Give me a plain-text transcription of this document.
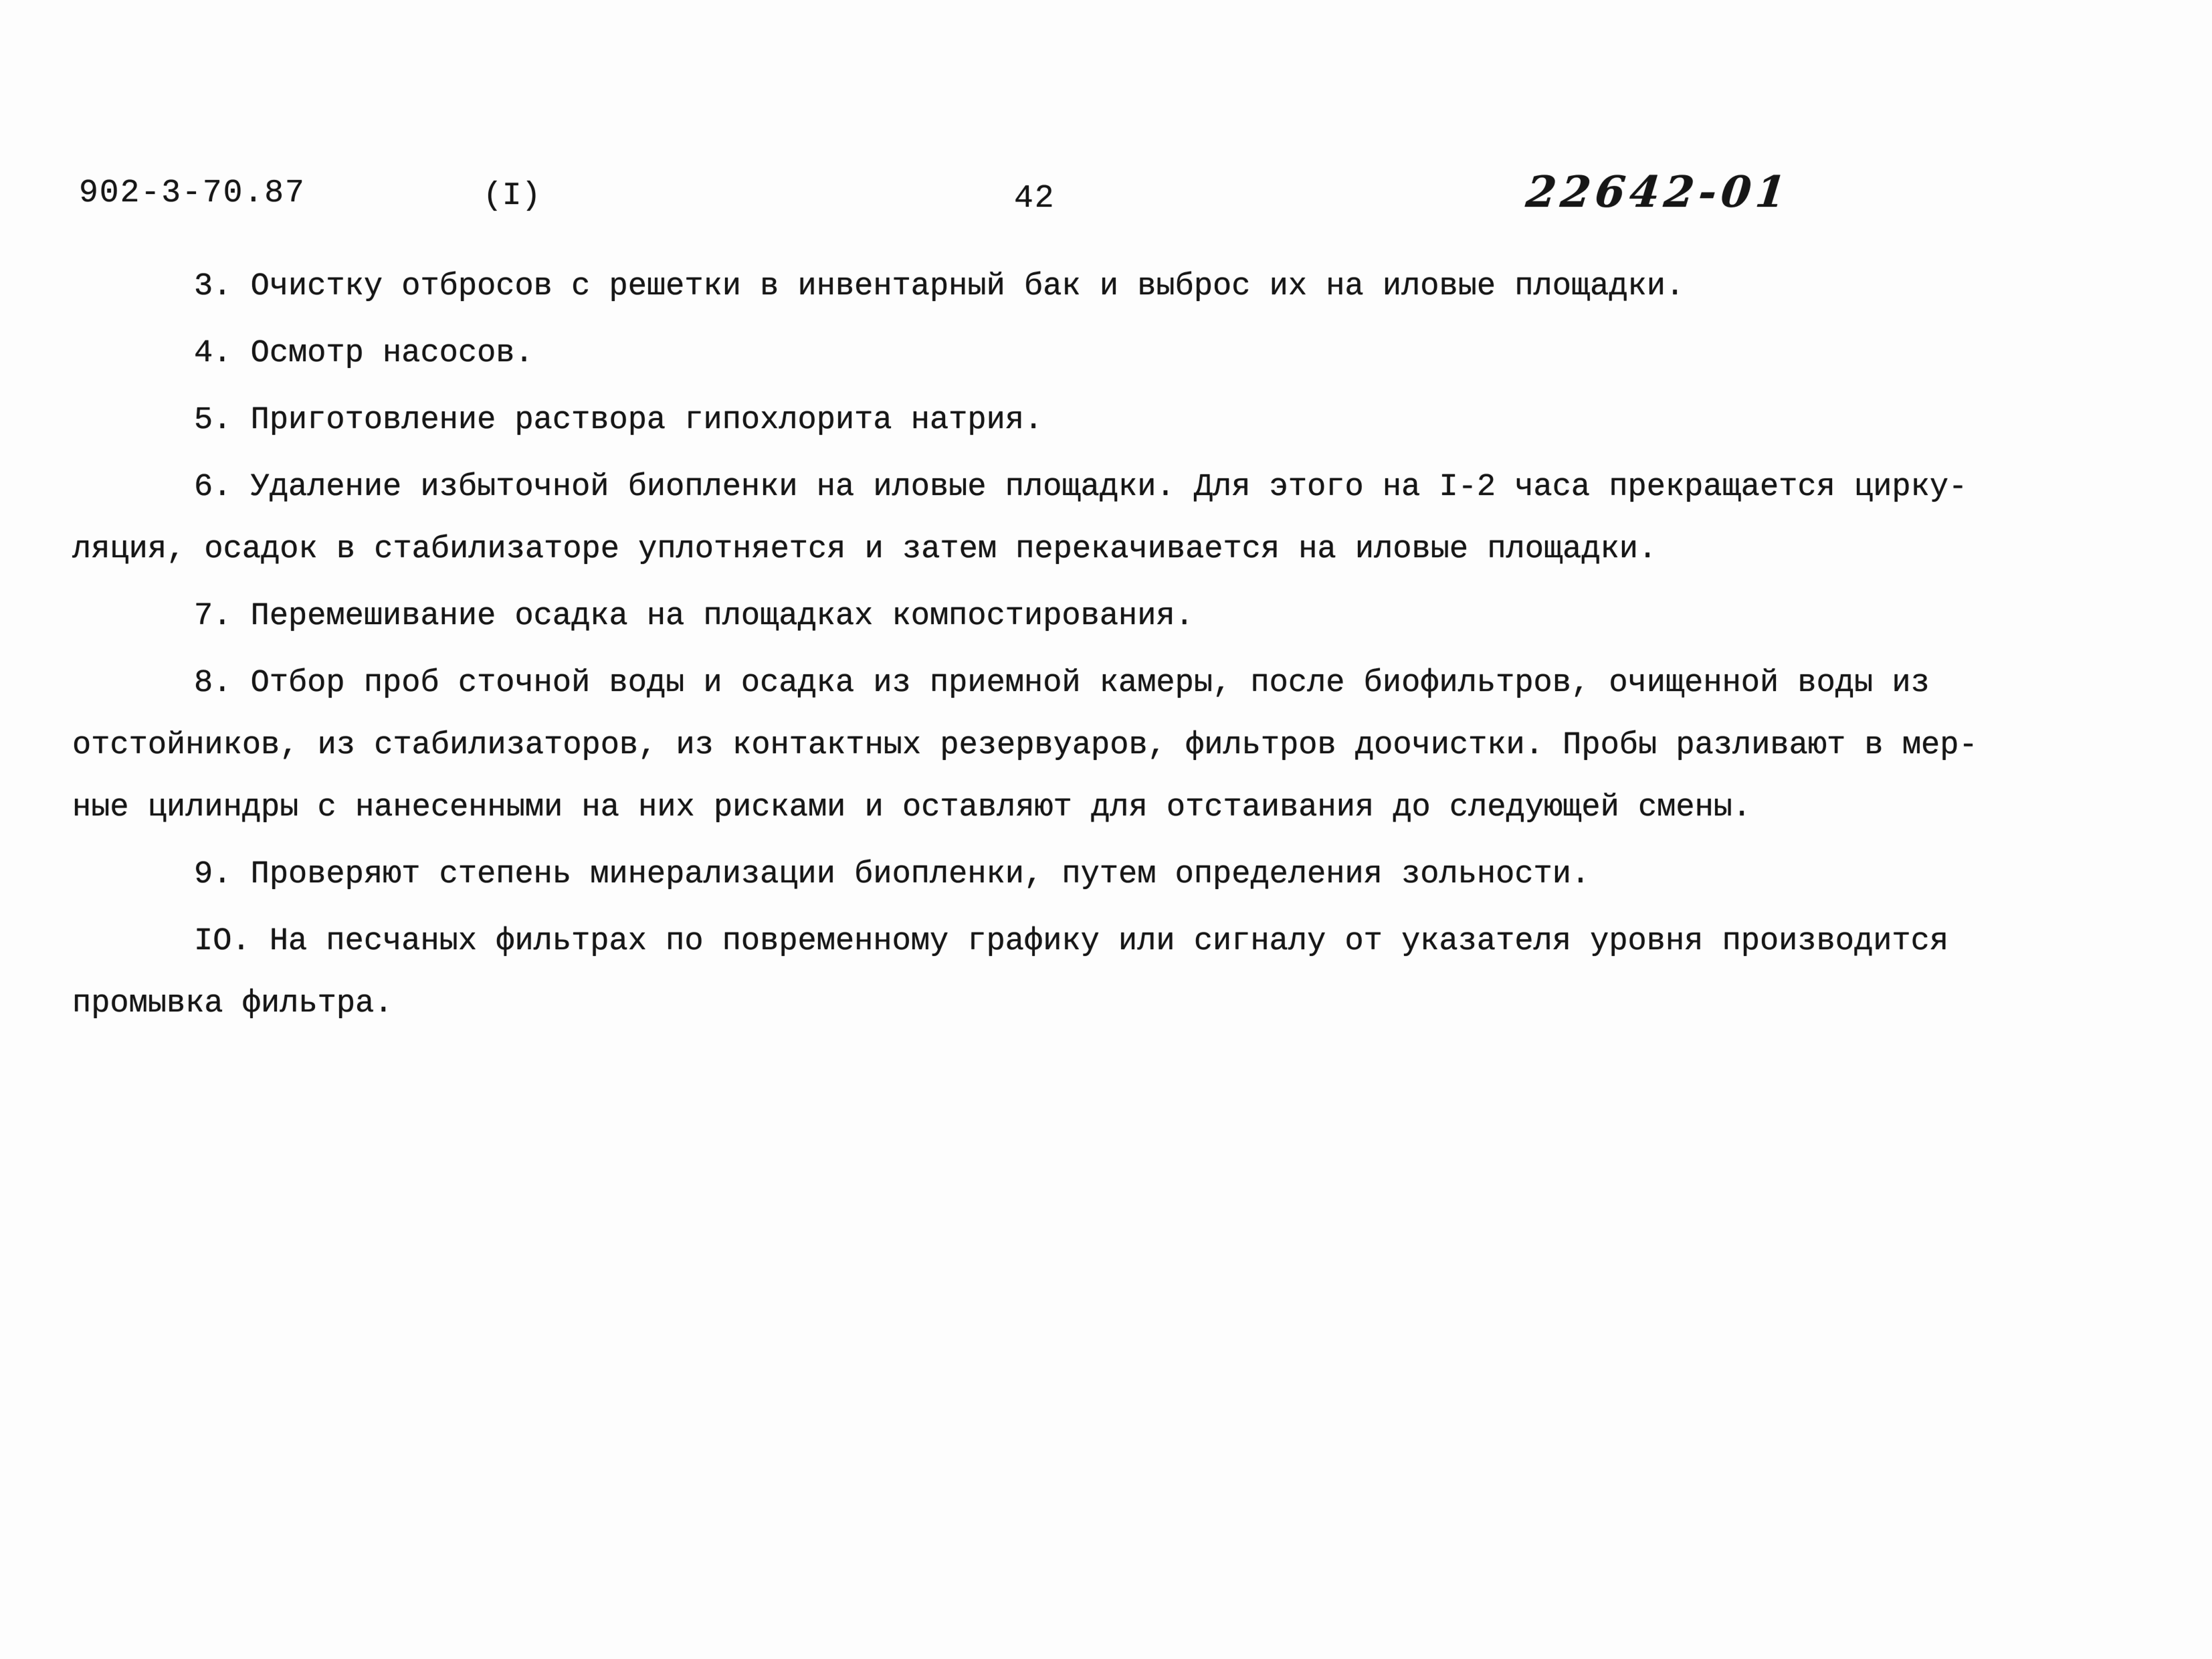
902-3-70.87	(I)	42	22642-01
3. Очистку отбросов с решетки в инвентарный бак и выброс их на иловые площадки.
4. Осмотр насосов.
5. Приготовление раствора гипохлорита натрия.
6. Удаление избыточной биопленки на иловые площадки. Для этого на I-2 часа прекращается цирку-
ляция, осадок в стабилизаторе уплотняется и затем перекачивается на иловые площадки.
7. Перемешивание осадка на площадках компостирования.
8. Отбор проб сточной воды и осадка из приемной камеры, после биофильтров, очищенной воды из
отстойников, из стабилизаторов, из контактных резервуаров, фильтров доочистки. Пробы разливают в мер-
ные цилиндры с нанесенными на них рисками и оставляют для отстаивания до следующей смены.
9. Проверяют степень минерализации биопленки, путем определения зольности.
IO. На песчаных фильтрах по повременному графику или сигналу от указателя уровня производится
промывка фильтра.
